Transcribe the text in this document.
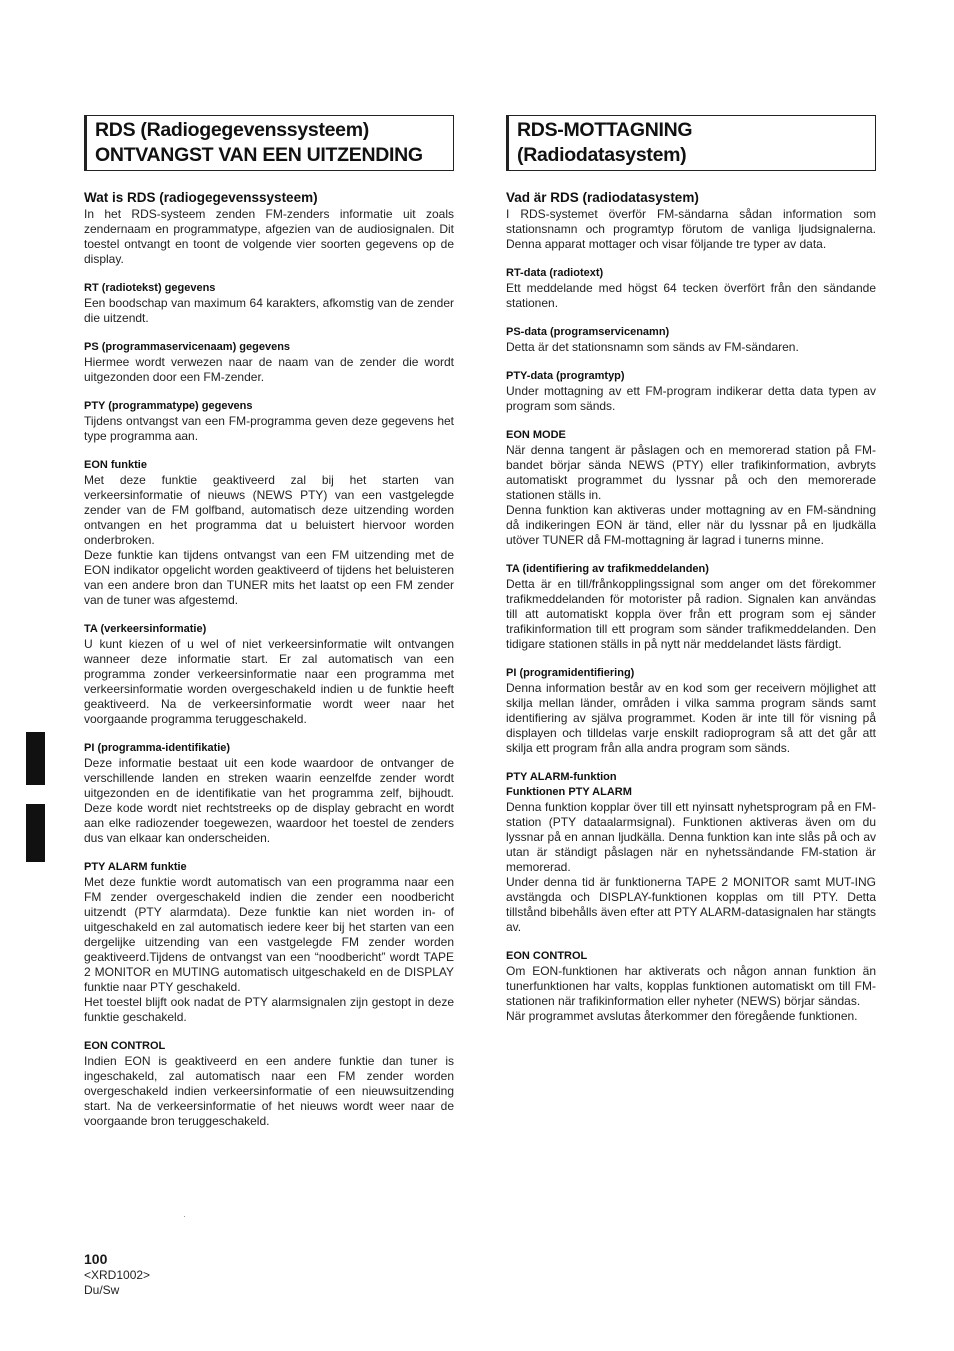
RDS (Radiogegevenssysteem)
ONTVANGST VAN EEN UITZENDING
Wat is RDS (radiogegevenssysteem)

In het RDS-systeem zenden FM-zenders informatie uit zoals zendernaam en programmatype, afgezien van de audiosignalen. Dit toestel ontvangt en toont de volgende vier soorten gegevens op de display.

RT (radiotekst) gegevens

Een boodschap van maximum 64 karakters, afkomstig van de zender die uitzendt.

PS (programmaservicenaam) gegevens

Hiermee wordt verwezen naar de naam van de zender die wordt uitgezonden door een FM-zender.

PTY (programmatype) gegevens

Tijdens ontvangst van een FM-programma geven deze gegevens het type programma aan.

EON funktie

Met deze funktie geaktiveerd zal bij het starten van verkeersinformatie of nieuws (NEWS PTY) van een vastgelegde zender van de FM golfband, automatisch deze uitzending worden ontvangen en het programma dat u beluistert hiervoor worden onderbroken.
Deze funktie kan tijdens ontvangst van een FM uitzending met de EON indikator opgelicht worden geaktiveerd of tijdens het beluisteren van een andere bron dan TUNER mits het laatst op een FM zender van de tuner was afgestemd.

TA (verkeersinformatie)

U kunt kiezen of u wel of niet verkeersinformatie wilt ontvangen wanneer deze informatie start. Er zal automatisch van een programma zonder verkeersinformatie naar een programma met verkeersinformatie worden overgeschakeld indien u de funktie heeft geaktiveerd. Na de verkeersinformatie wordt weer naar het voorgaande programma teruggeschakeld.

PI (programma-identifikatie)

Deze informatie bestaat uit een kode waardoor de ontvanger de verschillende landen en streken waarin eenzelfde zender wordt uitgezonden en de identifikatie van het programma zelf, bijhoudt. Deze kode wordt niet rechtstreeks op de display gebracht en wordt aan elke radiozender toegewezen, waardoor het toestel de zenders dus van elkaar kan onderscheiden.

PTY ALARM funktie

Met deze funktie wordt automatisch van een programma naar een FM zender overgeschakeld indien die zender een noodbericht uitzendt (PTY alarmdata). Deze funktie kan niet worden in- of uitgeschakeld en zal automatisch iedere keer bij het starten van een dergelijke uitzending van een vastgelegde FM zender worden geaktiveerd.Tijdens de ontvangst van een “noodbericht” wordt TAPE 2 MONITOR en MUTING automatisch uitgeschakeld en de DISPLAY funktie naar PTY geschakeld.
Het toestel blijft ook nadat de PTY alarmsignalen zijn gestopt in deze funktie geschakeld.

EON CONTROL

Indien EON is geaktiveerd en een andere funktie dan tuner is ingeschakeld, zal automatisch naar een FM zender worden overgeschakeld indien verkeersinformatie of een nieuwsuitzending start. Na de verkeersinformatie of het nieuws wordt weer naar de voorgaande bron teruggeschakeld.

RDS-MOTTAGNING
(Radiodatasystem)
Vad är RDS (radiodatasystem)

I RDS-systemet överför FM-sändarna sådan information som stationsnamn och programtyp förutom de vanliga ljudsignalerna. Denna apparat mottager och visar följande tre typer av data.

RT-data (radiotext)

Ett meddelande med högst 64 tecken överfört från den sändande stationen.

PS-data (programservicenamn)

Detta är det stationsnamn som sänds av FM-sändaren.

PTY-data (programtyp)

Under mottagning av ett FM-program indikerar detta data typen av program som sänds.

EON MODE

När denna tangent är påslagen och en memorerad station på FM-bandet börjar sända NEWS (PTY) eller trafikinformation, avbryts automatiskt programmet du lyssnar på och den memorerade stationen ställs in.
Denna funktion kan aktiveras under mottagning av en FM-sändning då indikeringen EON är tänd, eller när du lyssnar på en ljudkälla utöver TUNER då FM-mottagning är lagrad i tunerns minne.

TA (identifiering av trafikmeddelanden)

Detta är en till/frånkopplingssignal som anger om det förekommer trafikmeddelanden för motorister på radion. Signalen kan användas till att automatiskt koppla över från ett program som ej sänder trafikinformation till ett program som sänder trafikmeddelanden. Den tidigare stationen ställs in på nytt när meddelandet lästs färdigt.

PI (programidentifiering)

Denna information består av en kod som ger receivern möjlighet att skilja mellan länder, områden i vilka samma program sänds samt identifiering av själva programmet. Koden är inte till för visning på displayen och tilldelas varje enskilt radioprogram så att det går att skilja ett program från alla andra program som sänds.

PTY ALARM-funktion
Funktionen PTY ALARM

Denna funktion kopplar över till ett nyinsatt nyhetsprogram på en FM-station (PTY dataalarmsignal). Funktionen aktiveras även om du lyssnar på en annan ljudkälla. Denna funktion kan inte slås på och av utan är ständigt påslagen när en nyhetssändande FM-station är memorerad.
Under denna tid är funktionerna TAPE 2 MONITOR samt MUT-ING avstängda och DISPLAY-funktionen kopplas om till PTY. Detta tillstånd bibehålls även efter att PTY ALARM-datasignalen har stängts av.

EON CONTROL

Om EON-funktionen har aktiverats och någon annan funktion än tunerfunktionen har valts, kopplas funktionen automatiskt om till FM-stationen när trafikinformation eller nyheter (NEWS) börjar sändas.
När programmet avslutas återkommer den föregående funktionen.

100
<XRD1002>
Du/Sw
